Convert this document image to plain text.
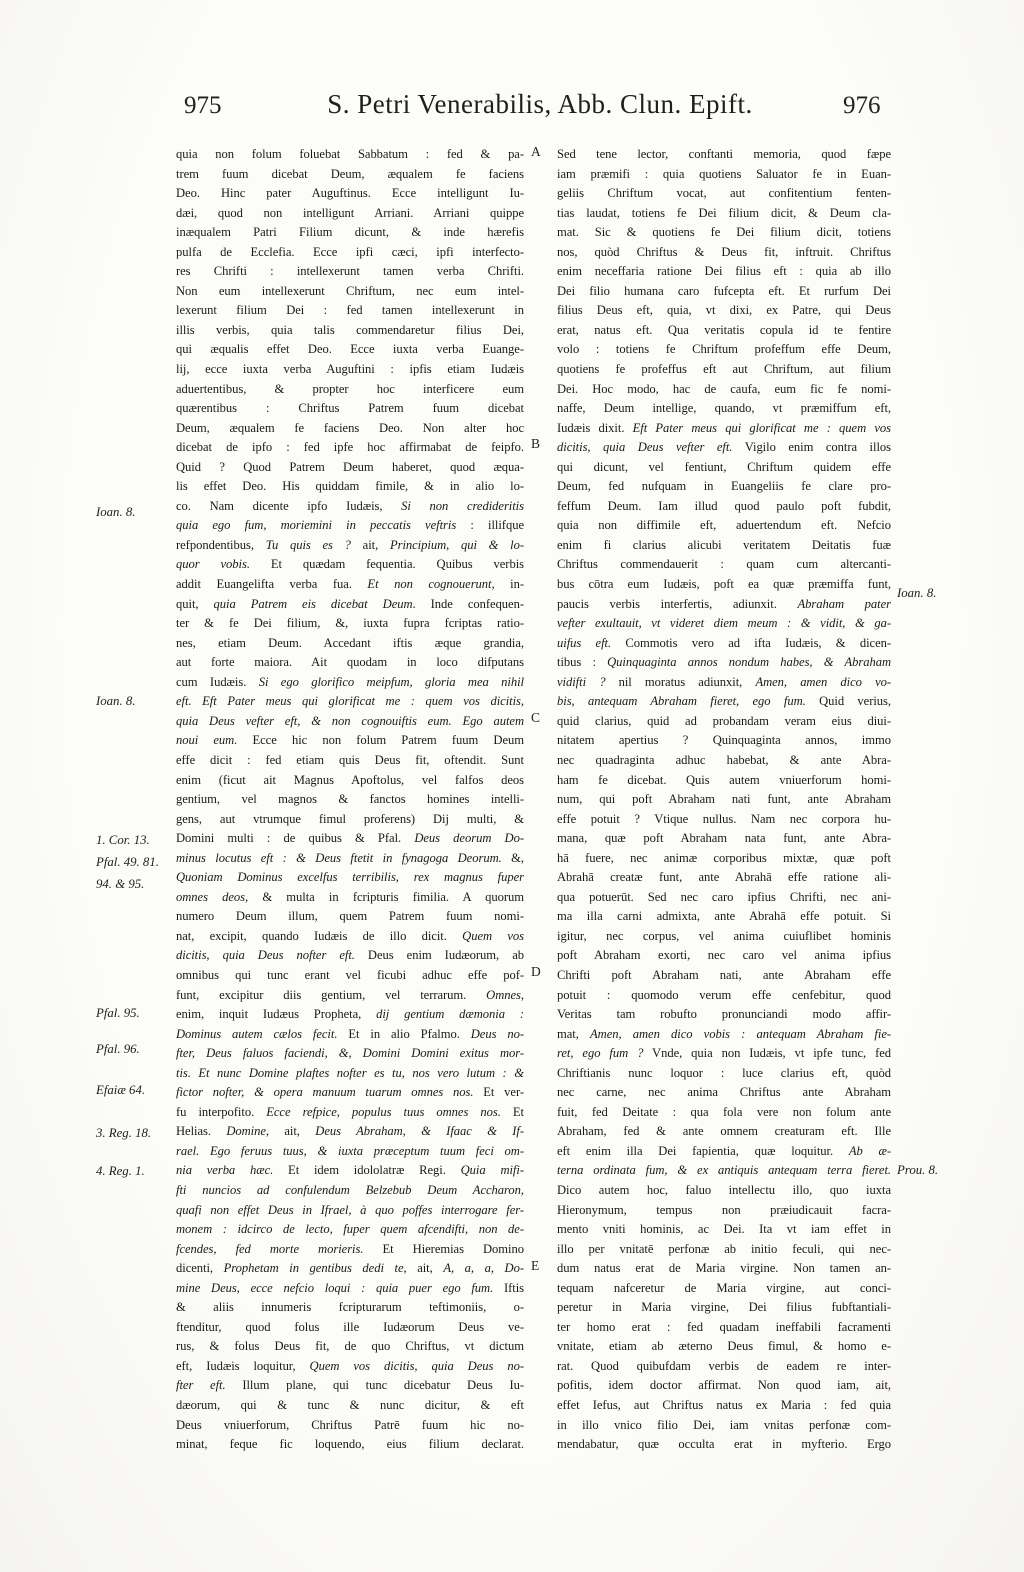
975	S. Petri Venerabilis, Abb. Clun. Epift.	976
Ioan. 8.
Ioan. 8.
1. Cor. 13.
Pfal. 49. 81.
94. & 95.
Pfal. 95.
Pfal. 96.
Efaiæ 64.
3. Reg. 18.
4. Reg. 1.
quia non folum foluebat Sabbatum : fed & pa-
trem fuum dicebat Deum, æqualem fe faciens
Deo. Hinc pater Auguftinus. Ecce intelligunt Iu-
dæi, quod non intelligunt Arriani. Arriani quippe
inæqualem Patri Filium dicunt, & inde hærefis
pulfa de Ecclefia. Ecce ipfi cæci, ipfi interfecto-
res Chrifti : intellexerunt tamen verba Chrifti.
Non eum intellexerunt Chriftum, nec eum intel-
lexerunt filium Dei : fed tamen intellexerunt in
illis verbis, quia talis commendaretur filius Dei,
qui æqualis effet Deo. Ecce iuxta verba Euange-
lij, ecce iuxta verba Auguftini : ipfis etiam Iudæis
aduertentibus, & propter hoc interficere eum
quærentibus : Chriftus Patrem fuum dicebat
Deum, æqualem fe faciens Deo. Non alter hoc
dicebat de ipfo : fed ipfe hoc affirmabat de feipfo.
Quid ? Quod Patrem Deum haberet, quod æqua-
lis effet Deo. His quiddam fimile, & in alio lo-
co. Nam dicente ipfo Iudæis, Si non credideritis
quia ego fum, moriemini in peccatis veftris : illifque
refpondentibus, Tu quis es ? ait, Principium, qui & lo-
quor vobis. Et quædam fequentia. Quibus verbis
addit Euangelifta verba fua. Et non cognouerunt, in-
quit, quia Patrem eis dicebat Deum. Inde confequen-
ter & fe Dei filium, &, iuxta fupra fcriptas ratio-
nes, etiam Deum. Accedant iftis æque grandia,
aut forte maiora. Ait quodam in loco difputans
cum Iudæis. Si ego glorifico meipfum, gloria mea nihil
eft. Eft Pater meus qui glorificat me : quem vos dicitis,
quia Deus vefter eft, & non cognouiftis eum. Ego autem
noui eum. Ecce hic non folum Patrem fuum Deum
effe dicit : fed etiam quis Deus fit, oftendit. Sunt
enim (ficut ait Magnus Apoftolus, vel falfos deos
gentium, vel magnos & fanctos homines intelli-
gens, aut vtrumque fimul proferens) Dij multi, &
Domini multi : de quibus & Pfal. Deus deorum Do-
minus locutus eft : & Deus ftetit in fynagoga Deorum. &,
Quoniam Dominus excelfus terribilis, rex magnus fuper
omnes deos, & multa in fcripturis fimilia. A quorum
numero Deum illum, quem Patrem fuum nomi-
nat, excipit, quando Iudæis de illo dicit. Quem vos
dicitis, quia Deus nofter eft. Deus enim Iudæorum, ab
omnibus qui tunc erant vel ficubi adhuc effe pof-
funt, excipitur diis gentium, vel terrarum. Omnes,
enim, inquit Iudæus Propheta, dij gentium dæmonia :
Dominus autem cælos fecit. Et in alio Pfalmo. Deus no-
fter, Deus faluos faciendi, &, Domini Domini exitus mor-
tis. Et nunc Domine plaftes nofter es tu, nos vero lutum : &
fictor nofter, & opera manuum tuarum omnes nos. Et ver-
fu interpofito. Ecce refpice, populus tuus omnes nos. Et
Helias. Domine, ait, Deus Abraham, & Ifaac & If-
rael. Ego feruus tuus, & iuxta præceptum tuum feci om-
nia verba hæc. Et idem idololatræ Regi. Quia mifi-
fti nuncios ad confulendum Belzebub Deum Accharon,
quafi non effet Deus in Ifrael, à quo poffes interrogare fer-
monem : idcirco de lecto, fuper quem afcendifti, non de-
fcendes, fed morte morieris. Et Hieremias Domino
dicenti, Prophetam in gentibus dedi te, ait, A, a, a, Do-
mine Deus, ecce nefcio loqui : quia puer ego fum. Iftis
& aliis innumeris fcripturarum teftimoniis, o-
ftenditur, quod folus ille Iudæorum Deus ve-
rus, & folus Deus fit, de quo Chriftus, vt dictum
eft, Iudæis loquitur, Quem vos dicitis, quia Deus no-
fter eft. Illum plane, qui tunc dicebatur Deus Iu-
dæorum, qui & tunc & nunc dicitur, & eft
Deus vniuerforum, Chriftus Patrē fuum hic no-
minat, feque fic loquendo, eius filium declarat.
A
B
C
D
E
Sed tene lector, conftanti memoria, quod fæpe
iam præmifi : quia quotiens Saluator fe in Euan-
geliis Chriftum vocat, aut confitentium fenten-
tias laudat, totiens fe Dei filium dicit, & Deum cla-
mat. Sic & quotiens fe Dei filium dicit, totiens
nos, quòd Chriftus & Deus fit, inftruit. Chriftus
enim neceffaria ratione Dei filius eft : quia ab illo
Dei filio humana caro fufcepta eft. Et rurfum Dei
filius Deus eft, quia, vt dixi, ex Patre, qui Deus
erat, natus eft. Qua veritatis copula id te fentire
volo : totiens fe Chriftum profeffum effe Deum,
quotiens fe profeffus eft aut Chriftum, aut filium
Dei. Hoc modo, hac de caufa, eum fic fe nomi-
naffe, Deum intellige, quando, vt præmiffum eft,
Iudæis dixit. Eft Pater meus qui glorificat me : quem vos
dicitis, quia Deus vefter eft. Vigilo enim contra illos
qui dicunt, vel fentiunt, Chriftum quidem effe
Deum, fed nufquam in Euangeliis fe clare pro-
feffum Deum. Iam illud quod paulo poft fubdit,
quia non diffimile eft, aduertendum eft. Nefcio
enim fi clarius alicubi veritatem Deitatis fuæ
Chriftus commendauerit : quam cum altercanti-
bus cōtra eum Iudæis, poft ea quæ præmiffa funt,
paucis verbis interfertis, adiunxit. Abraham pater
vefter exultauit, vt videret diem meum : & vidit, & ga-
uifus eft. Commotis vero ad ifta Iudæis, & dicen-
tibus : Quinquaginta annos nondum habes, & Abraham
vidifti ? nil moratus adiunxit, Amen, amen dico vo-
bis, antequam Abraham fieret, ego fum. Quid verius,
quid clarius, quid ad probandam veram eius diui-
nitatem apertius ? Quinquaginta annos, immo
nec quadraginta adhuc habebat, & ante Abra-
ham fe dicebat. Quis autem vniuerforum homi-
num, qui poft Abraham nati funt, ante Abraham
effe potuit ? Vtique nullus. Nam nec corpora hu-
mana, quæ poft Abraham nata funt, ante Abra-
hā fuere, nec animæ corporibus mixtæ, quæ poft
Abrahā creatæ funt, ante Abrahā effe ratione ali-
qua potuerūt. Sed nec caro ipfius Chrifti, nec ani-
ma illa carni admixta, ante Abrahā effe potuit. Si
igitur, nec corpus, vel anima cuiuflibet hominis
poft Abraham exorti, nec caro vel anima ipfius
Chrifti poft Abraham nati, ante Abraham effe
potuit : quomodo verum effe cenfebitur, quod
Veritas tam robufto pronunciandi modo affir-
mat, Amen, amen dico vobis : antequam Abraham fie-
ret, ego fum ? Vnde, quia non Iudæis, vt ipfe tunc, fed
Chriftianis nunc loquor : luce clarius eft, quòd
nec carne, nec anima Chriftus ante Abraham
fuit, fed Deitate : qua fola vere non folum ante
Abraham, fed & ante omnem creaturam eft. Ille
eft enim illa Dei fapientia, quæ loquitur. Ab æ-
terna ordinata fum, & ex antiquis antequam terra fieret.
Dico autem hoc, faluo intellectu illo, quo iuxta
Hieronymum, tempus non præiudicauit facra-
mento vniti hominis, ac Dei. Ita vt iam effet in
illo per vnitatē perfonæ ab initio feculi, qui nec-
dum natus erat de Maria virgine. Non tamen an-
tequam nafceretur de Maria virgine, aut conci-
peretur in Maria virgine, Dei filius fubftantiali-
ter homo erat : fed quadam ineffabili facramenti
vnitate, etiam ab æterno Deus fimul, & homo e-
rat. Quod quibufdam verbis de eadem re inter-
pofitis, idem doctor affirmat. Non quod iam, ait,
effet Iefus, aut Chriftus natus ex Maria : fed quia
in illo vnico filio Dei, iam vnitas perfonæ com-
mendabatur, quæ occulta erat in myfterio. Ergo
Ioan. 8.
Prou. 8.
